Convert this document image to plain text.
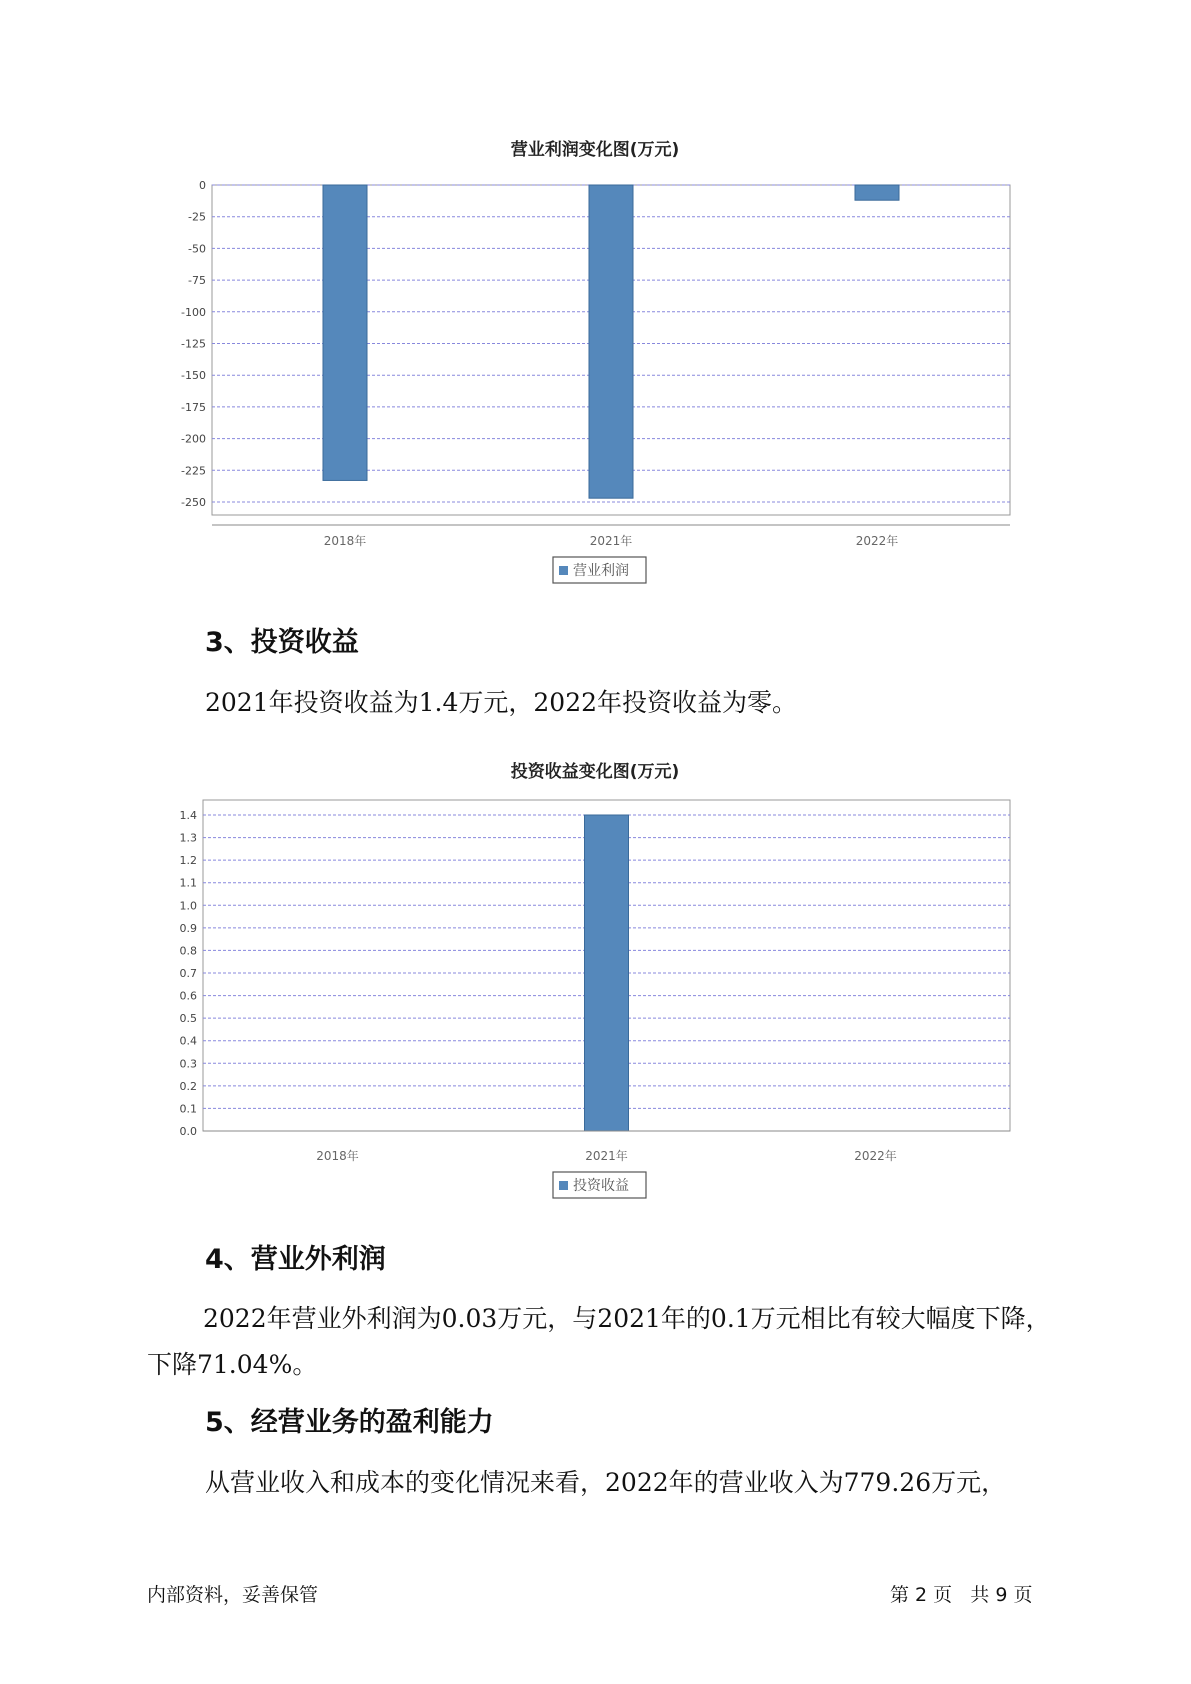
营业利润变化图(万元)
0
-25
-50
-75
-100
-125
-150
-175
-200
-225
-250
2018年	2021年	2022年
营业利润
3、投资收益

2021年投资收益为1.4万元，2022年投资收益为零。

投资收益变化图(万元)
1.4
1.3
1.2
1.1
1.0
0.9
0.8
0.7
0.6
0.5
0.4
0.3
0.2
0.1
0.0
2018年	2021年	2022年
投资收益
4、营业外利润

2022年营业外利润为0.03万元，与2021年的0.1万元相比有较大幅度下降，下降71.04%。

5、经营业务的盈利能力

从营业收入和成本的变化情况来看，2022年的营业收入为779.26万元，

内部资料，妥善保管	第 2 页   共 9 页
